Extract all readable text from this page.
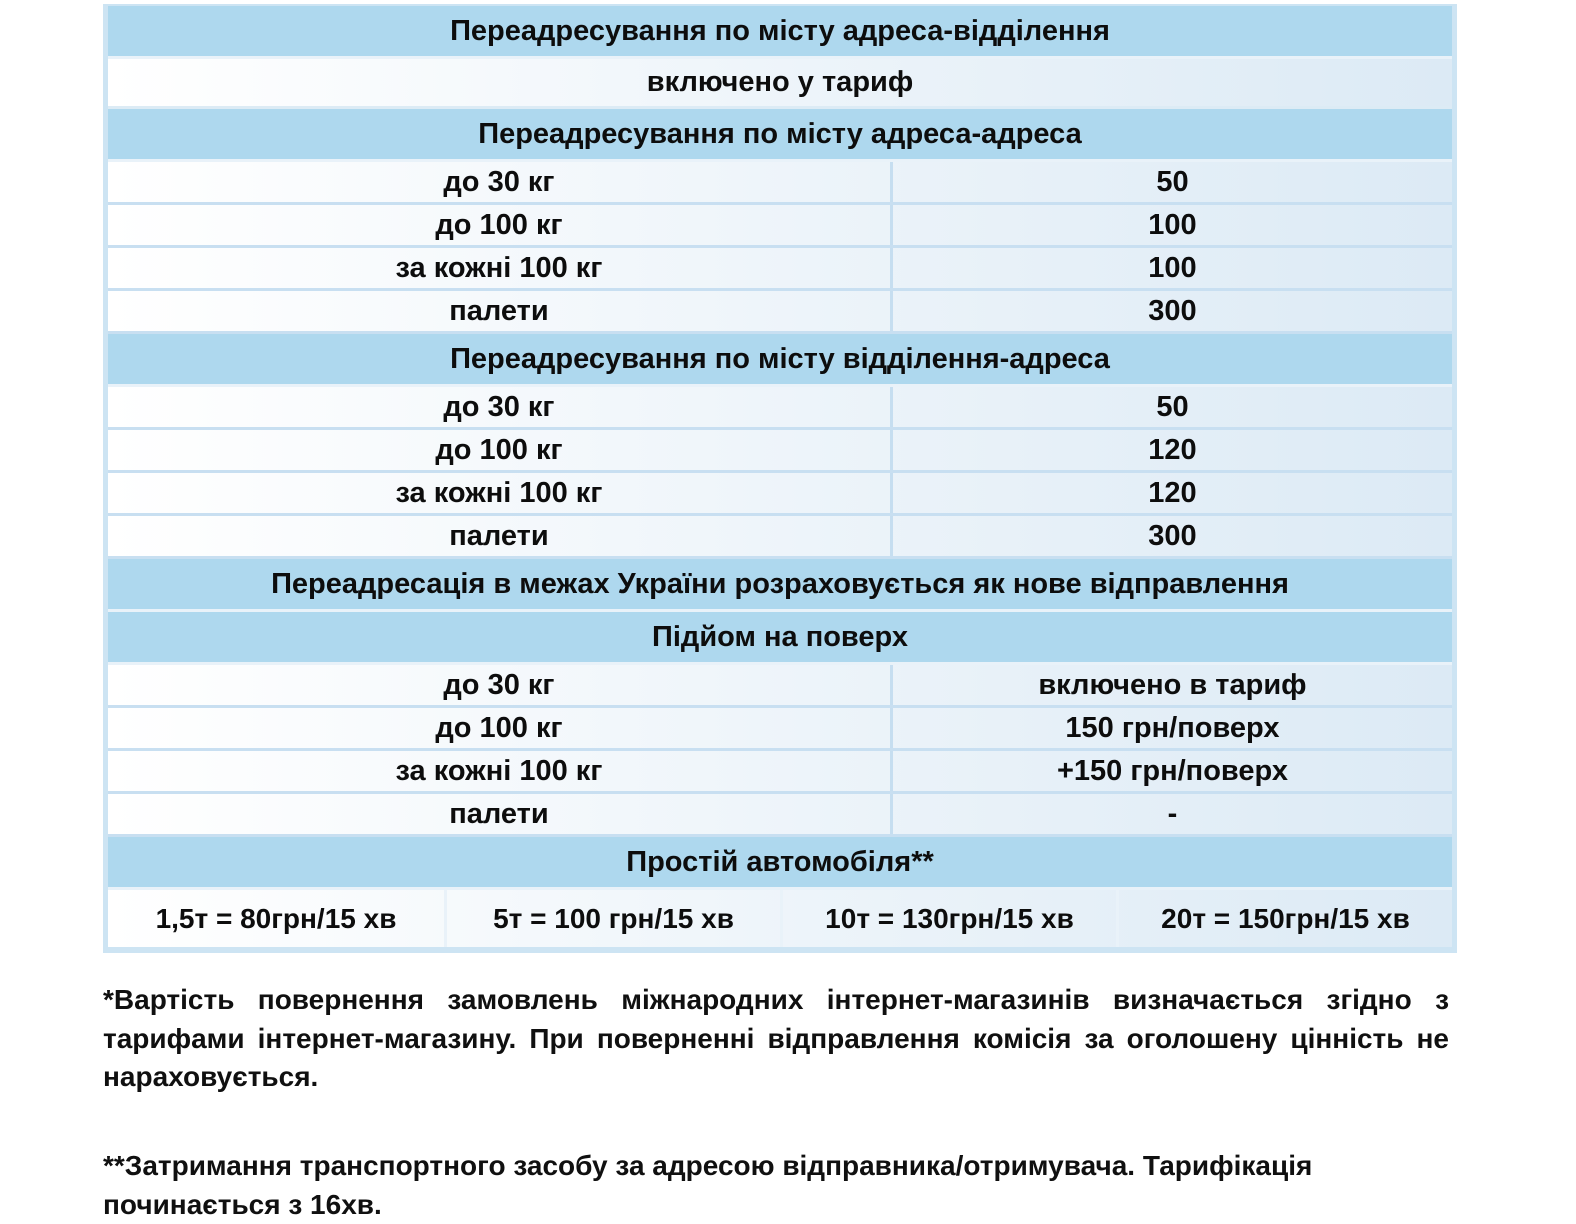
Переадресування по місту адреса-відділення
включено у тариф
Переадресування по місту адреса-адреса
до 30 кг	50
до 100 кг	100
за кожні 100 кг	100
палети	300
Переадресування по місту відділення-адреса
до 30 кг	50
до 100 кг	120
за кожні 100 кг	120
палети	300
Переадресація в межах України розраховується як нове відправлення
Підйом на поверх
до 30 кг	включено в тариф
до 100 кг	150 грн/поверх
за кожні 100 кг	+150 грн/поверх
палети	-
Простій автомобіля**
1,5т = 80грн/15 хв	5т = 100 грн/15 хв	10т = 130грн/15 хв	20т = 150грн/15 хв

*Вартість повернення замовлень міжнародних інтернет-магазинів визначається згідно з тарифами інтернет-магазину. При поверненні відправлення комісія за оголошену цінність не нараховується.

**Затримання транспортного засобу за адресою відправника/отримувача. Тарифікація починається з 16хв.
